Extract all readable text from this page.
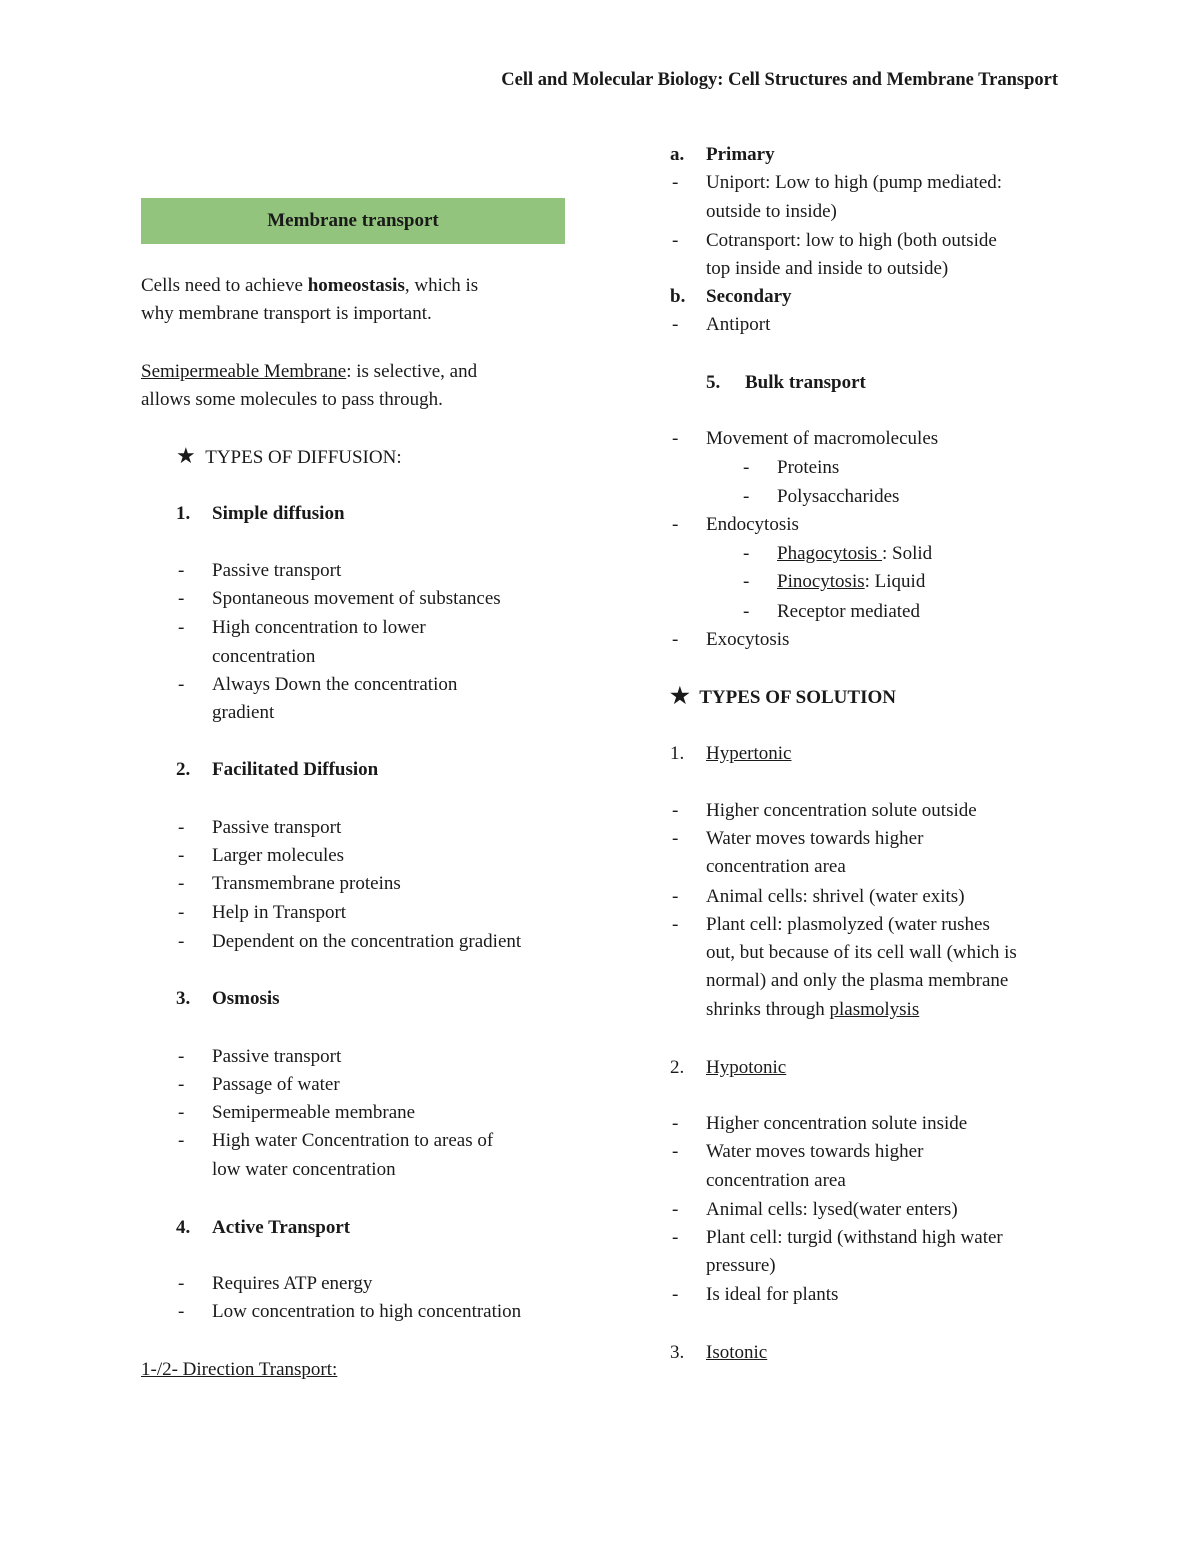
Cell and Molecular Biology: Cell Structures and Membrane Transport
Membrane transport
Cells need to achieve homeostasis, which is
why membrane transport is important.
Semipermeable Membrane: is selective, and
allows some molecules to pass through.
★ TYPES OF DIFFUSION:
1. Simple diffusion
- Passive transport
- Spontaneous movement of substances
- High concentration to lower
concentration
- Always Down the concentration
gradient
2. Facilitated Diffusion
- Passive transport
- Larger molecules
- Transmembrane proteins
- Help in Transport
- Dependent on the concentration gradient
3. Osmosis
- Passive transport
- Passage of water
- Semipermeable membrane
- High water Concentration to areas of
low water concentration
4. Active Transport
- Requires ATP energy
- Low concentration to high concentration
1-/2- Direction Transport:
a. Primary
- Uniport: Low to high (pump mediated:
outside to inside)
- Cotransport: low to high (both outside
top inside and inside to outside)
b. Secondary
- Antiport
5. Bulk transport
- Movement of macromolecules
- Proteins
- Polysaccharides
- Endocytosis
- Phagocytosis : Solid
- Pinocytosis: Liquid
- Receptor mediated
- Exocytosis
★ TYPES OF SOLUTION
1. Hypertonic
- Higher concentration solute outside
- Water moves towards higher
concentration area
- Animal cells: shrivel (water exits)
- Plant cell: plasmolyzed (water rushes
out, but because of its cell wall (which is
normal) and only the plasma membrane
shrinks through plasmolysis
2. Hypotonic
- Higher concentration solute inside
- Water moves towards higher
concentration area
- Animal cells: lysed(water enters)
- Plant cell: turgid (withstand high water
pressure)
- Is ideal for plants
3. Isotonic
